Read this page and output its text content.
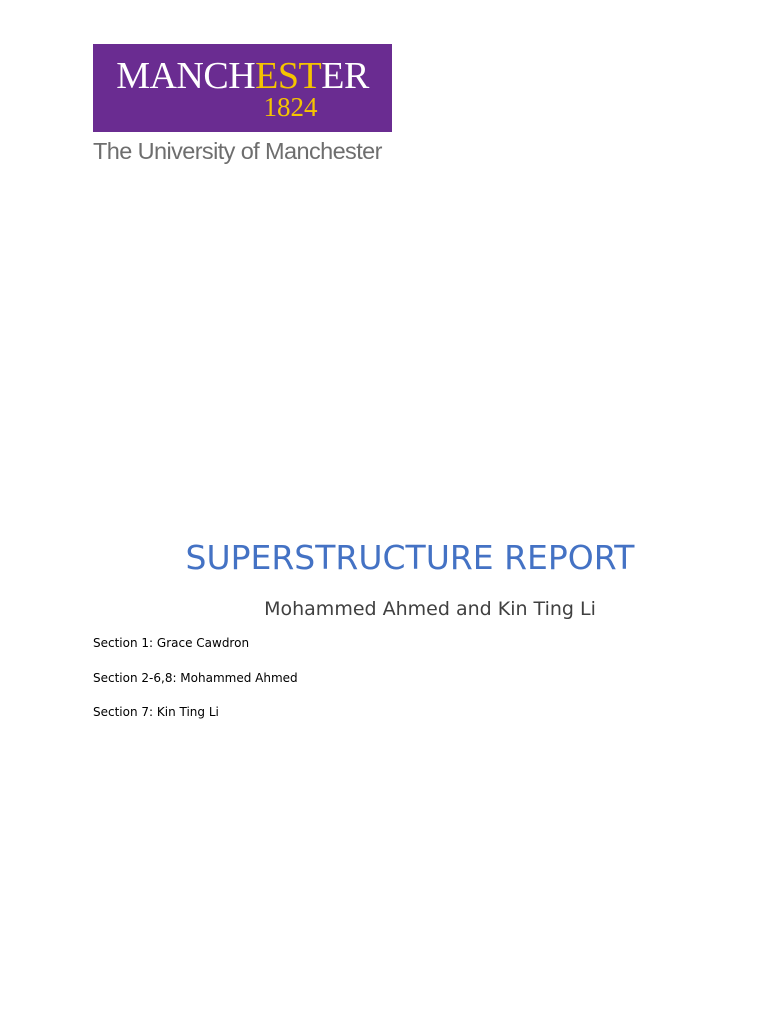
MANCHESTER
1824
The University of Manchester
SUPERSTRUCTURE REPORT
Mohammed Ahmed and Kin Ting Li
Section 1: Grace Cawdron
Section 2-6,8: Mohammed Ahmed
Section 7: Kin Ting Li
